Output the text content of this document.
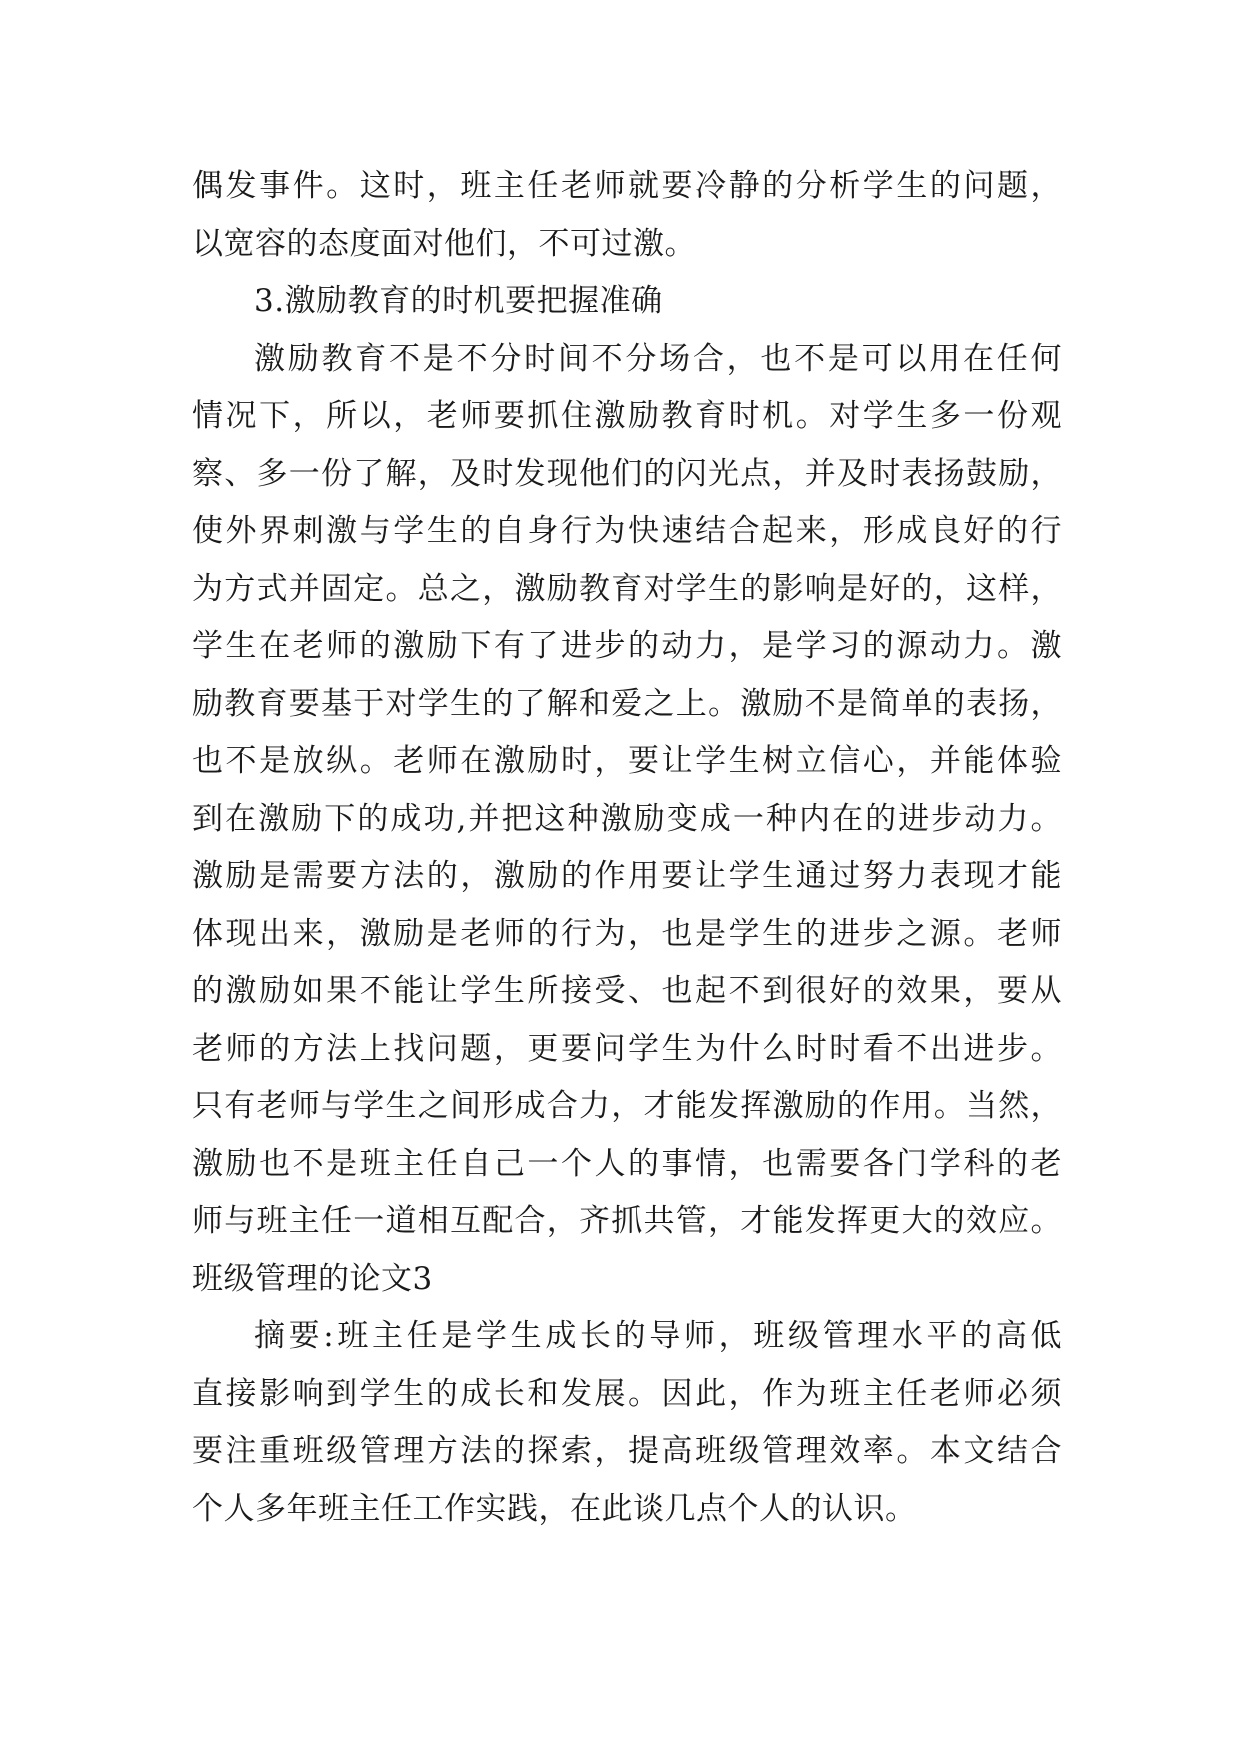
偶发事件。这时，班主任老师就要冷静的分析学生的问题，
以宽容的态度面对他们，不可过激。
3.激励教育的时机要把握准确
激励教育不是不分时间不分场合，也不是可以用在任何
情况下，所以，老师要抓住激励教育时机。对学生多一份观
察、多一份了解，及时发现他们的闪光点，并及时表扬鼓励，
使外界刺激与学生的自身行为快速结合起来，形成良好的行
为方式并固定。总之，激励教育对学生的影响是好的，这样，
学生在老师的激励下有了进步的动力，是学习的源动力。激
励教育要基于对学生的了解和爱之上。激励不是简单的表扬，
也不是放纵。老师在激励时，要让学生树立信心，并能体验
到在激励下的成功,并把这种激励变成一种内在的进步动力。
激励是需要方法的，激励的作用要让学生通过努力表现才能
体现出来，激励是老师的行为，也是学生的进步之源。老师
的激励如果不能让学生所接受、也起不到很好的效果，要从
老师的方法上找问题，更要问学生为什么时时看不出进步。
只有老师与学生之间形成合力，才能发挥激励的作用。当然，
激励也不是班主任自己一个人的事情，也需要各门学科的老
师与班主任一道相互配合，齐抓共管，才能发挥更大的效应。
班级管理的论文3
摘要:班主任是学生成长的导师，班级管理水平的高低
直接影响到学生的成长和发展。因此，作为班主任老师必须
要注重班级管理方法的探索，提高班级管理效率。本文结合
个人多年班主任工作实践，在此谈几点个人的认识。
